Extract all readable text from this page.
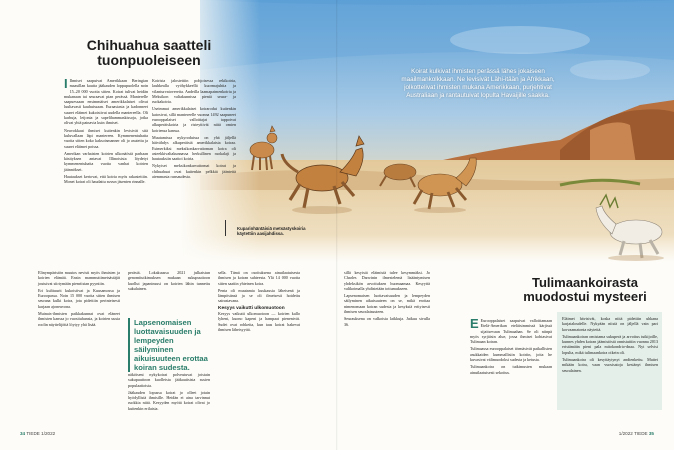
Chihuahua saatteli tuonpuoleiseen

I Ihmiset saapuivat Amerikkaan Beringian maasillan kautta jääkauden loppupuolella noin 15–20 000 vuotta sitten. Koirat tulivat heidän mukanaan tai seuraavat pian perässä. Manterelle saapuessaan ensimmäiset amerikkalaiset olivat luultavasti kauhuissaan. Euraasiasta ja kadonneet suuret eläimet kukoistivat uudella mantereella. Oli karhuja, leijonia ja sapelihammaskissoja, jotka olivat yhtä painavia kuin ihmiset.

Neuvokkaat ihmiset kuitenkin levisivät sitä kuluvallaan läpi mantereen. Kymmenentuhatta vuotta sitten koko kaksoismanner oli jo asutettu ja suuret eläimet poissa.

Amerikan varhaisten koirien ulkonäöstä parhaan käsityksen antavat Illinoisista löydetyt kymmenentuhatta vuotta vanhat koirien jäännökset.

Hautaukset kertovat, että koiria myös rakastettiin. Monet koirat oli haudattu suvun jäsenten rinnalle.

Koirista jalostettiin pohjoisessa rekikoiria, lauhkealla vyöhykkeellä kuormajuhtia ja vilanturvatovereita. Andeilla laamapaimenkoiria ja Meksikon valtakunnissa pieniä seura- ja ruokakoiria.

Useimmat amerikkalaiset koirarodut kuitenkin katosivat, sillä mantereelle vuonna 1492 saapuneet eurooppalaiset valloittajat tappoivat alkuperäiskoiria ja risteyttivät niitä omien koiriensa kanssa.

Muutamissa nykyroduissa on yhä jäljellä häivähdys alkuperäistä amerikkalaista koiraa. Esimerkiksi meksikonkarvattoman koira oli asteekkivaltakunnassa herkullinen ruokalaji ja hautauksiin saattoi koiria.

Nykyiset meksikonkarvattomat koirat ja chihuahuat ovat kuitenkin pelkkiä jäänteitä aiemmasta runsaudesta.

Koirat kulkivat ihmisten perässä lähes jokaiseen maailmankolkkaan. Ne levisivät Lähi-itään ja Afrikkaan, jolkottelivat ihmisten mukana Amerikkaan, purjehtivat Australiaan ja rantautuivat lopulta Havaijille saakka.
Kuparinhäntäisiä metsästyskoiria käytettiin aasijahdissa.

Elinympäristön muutos nevisti myös ihmisten ja koirien elämää. Ensin mammuttimetsästäjät joutuivat siirtymään pienriistan pyyntiin.

Eri kulttuurit kukoistivat ja Kuusamossa ja Euroopassa. Noin 15 000 vuotta sitten ihmisen seurana kulki koira, jota pidettiin perinteisesti karjaan ajoneuvona.

Muinais-ihmisten paikkakunnat ovat eläneet ihmisten kanssa jo vuosituhansia, ja koirien uusia roolin näyttelijöitä löytyy yhä lisää.

perästä. Lokakuussa 2021 julkaistun genomitutkimuksen mukaan sukupuuttoon kuollut japaninsusi on koirien lähin tunnettu sukulainen.

Lapsenomaisen luottavaisuuden ja lempeyden säilyminen aikuisuuteen erottaa koiran sudesta.

näköiseni nykykoirat polveutuvat joistain sukupuuttoon kuolleista jääkautisista susien populaatioista.

Jääkauden lopussa koirat jo olleet jotain hyödyllistä ihmisille. Heidän ei aina tarvinnut ruokkia niitä. Kesyyden myötä koirat olivat jo kuitenkin erilaisia.

sella. Tämä on osoituksena ainutlaatuisesta ihmisen ja koiran suhteesta. Ylä 14 000 vuotta sitten saatiin yhteinen koira.

Penta oli muutamia kuukausia läheisenä ja lämpösänsä ja se oli ilmeisesti hoidettu sairastavana.

Kesyys vaikutti ulkomuotoon

Kesyys vaikutti ulkomuotoon — koirien kallo lyheni, kuono kapeni ja hampaat pienenivät. Sudet ovat rohkeita, kun taas koirat hakevat ihmisen läheisyyttä.

sillä kesyistä eläimistä tulee kesymmäksi. Jo Charles Darwinin ilmestelemä lisääntymisen yhdeksikön arvoituksen huomaamaa. Kesyyttä valikoimalla yhdistetään tottumukseen.

Lapsenomaisen luottavaisuuden ja lempeyden säilyminen aikuisuuteen on se, mikä erottaa nimenomaan koiran sudesta ja kesyksiä erityisesti ihmisen seuralaisuuteen.

Seurauksena on valkoisia laikkuja. Jatkuu sivulla 36.

Tulimaankoirasta muodostui mysteeri

E Eurooppalaiset saapuivat valloittamaan Etelä-Amerikan eteläisimmissä kärjissä sijaitsevaan Tulimaahan. Se oli niinpä myös syrjäisin alue, jossa ihmiset kohtasivat Tulimaan koiran.

Tulimaassa eurooppalaiset törmäsivät paikallisten asukkaiden kummallisiin koiriin, joita he kuvasivat välimuodoksi sudesta ja ketusta.

Tulimaankoira on tutkimusten mukaan ainutlaatuisesti sekoitus.

Eläimet hävisivät, koska niitä pidettiin uhkana karjataloudelle. Nykyään niistä on jäljellä vain pari korvaamatonta näytettä.

Tulimaankoiran omistama sukuperä ja arvoitus tutkijoille, kunnes yhden koiran jäämistöstä onnistuttiin vuonna 2013 eristämään pieni pala mitokondrio-dnaa. Nyt selvisi lopulta, mikä tulimaankoira oikein oli.

Tulimaankoira oli kesyttäytynyt andienkettu. Muttei mikään koira, vaan vuosisatoja kestänyt ihmisen seuralainen.

34 TIEDE 1/2022	1/2022 TIEDE 35
